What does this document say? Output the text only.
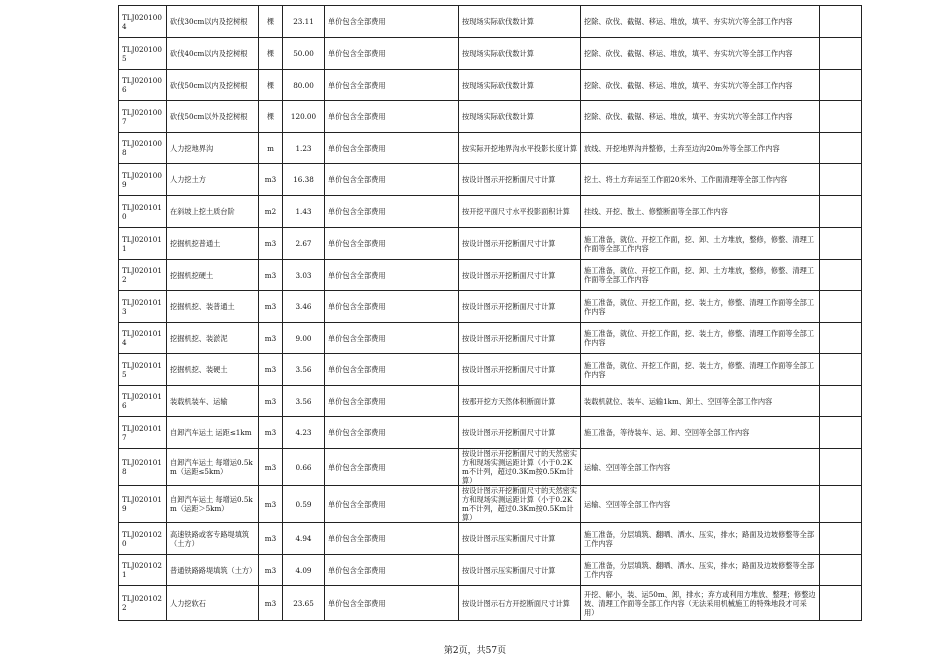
TLJ0201004	砍伐30cm以内及挖树根	棵	23.11	单价包含全部费用	按现场实际砍伐数计算	挖除、砍伐、截锯、移运、堆放，填平、夯实坑穴等全部工作内容	
TLJ0201005	砍伐40cm以内及挖树根	棵	50.00	单价包含全部费用	按现场实际砍伐数计算	挖除、砍伐、截锯、移运、堆放，填平、夯实坑穴等全部工作内容	
TLJ0201006	砍伐50cm以内及挖树根	棵	80.00	单价包含全部费用	按现场实际砍伐数计算	挖除、砍伐、截锯、移运、堆放，填平、夯实坑穴等全部工作内容	
TLJ0201007	砍伐50cm以外及挖树根	棵	120.00	单价包含全部费用	按现场实际砍伐数计算	挖除、砍伐、截锯、移运、堆放，填平、夯实坑穴等全部工作内容	
TLJ0201008	人力挖地界沟	m	1.23	单价包含全部费用	按实际开挖地界沟水平投影长度计算	放线、开挖地界沟并整修，土弃至边沟20m外等全部工作内容	
TLJ0201009	人力挖土方	m3	16.38	单价包含全部费用	按设计图示开挖断面尺寸计算	挖土、将土方弃运至工作面20米外、工作面清理等全部工作内容	
TLJ0201010	在斜坡上挖土质台阶	m2	1.43	单价包含全部费用	按开挖平面尺寸水平投影面积计算	挂线、开挖、散土、修整断面等全部工作内容	
TLJ0201011	挖掘机挖普通土	m3	2.67	单价包含全部费用	按设计图示开挖断面尺寸计算	施工准备，就位、开挖工作面，挖、卸、土方堆放，整修，修整、清理工作面等全部工作内容	
TLJ0201012	挖掘机挖硬土	m3	3.03	单价包含全部费用	按设计图示开挖断面尺寸计算	施工准备，就位、开挖工作面，挖、卸、土方堆放，整修，修整、清理工作面等全部工作内容	
TLJ0201013	挖掘机挖、装普通土	m3	3.46	单价包含全部费用	按设计图示开挖断面尺寸计算	施工准备，就位、开挖工作面，挖、装土方，修整、清理工作面等全部工作内容	
TLJ0201014	挖掘机挖、装淤泥	m3	9.00	单价包含全部费用	按设计图示开挖断面尺寸计算	施工准备，就位、开挖工作面，挖、装土方，修整、清理工作面等全部工作内容	
TLJ0201015	挖掘机挖、装硬土	m3	3.56	单价包含全部费用	按设计图示开挖断面尺寸计算	施工准备，就位、开挖工作面，挖、装土方，修整、清理工作面等全部工作内容	
TLJ0201016	装载机装车、运输	m3	3.56	单价包含全部费用	按那开挖方天然体积断面计算	装载机就位、装车、运输1km、卸土、空回等全部工作内容	
TLJ0201017	自卸汽车运土 运距≤1km	m3	4.23	单价包含全部费用	按设计图示开挖断面尺寸计算	施工准备，等待装车、运、卸、空回等全部工作内容	
TLJ0201018	自卸汽车运土 每增运0.5km（运距≤5km）	m3	0.66	单价包含全部费用	按设计图示开挖断面尺寸的天然密实方和现场实测运距计算（小于0.2Km不计列，超过0.3Km按0.5Km计算）	运输、空回等全部工作内容	
TLJ0201019	自卸汽车运土 每增运0.5km（运距＞5km）	m3	0.59	单价包含全部费用	按设计图示开挖断面尺寸的天然密实方和现场实测运距计算（小于0.2Km不计列，超过0.3Km按0.5Km计算）	运输、空回等全部工作内容	
TLJ0201020	高速铁路或客专路堤填筑（土方）	m3	4.94	单价包含全部费用	按设计图示压实断面尺寸计算	施工准备，分层填筑、翻晒、洒水、压实，排水；路面及边坡修整等全部工作内容	
TLJ0201021	普通铁路路堤填筑（土方）	m3	4.09	单价包含全部费用	按设计图示压实断面尺寸计算	施工准备，分层填筑、翻晒、洒水、压实，排水；路面及边坡修整等全部工作内容	
TLJ0201022	人力挖软石	m3	23.65	单价包含全部费用	按设计图示石方开挖断面尺寸计算	开挖、解小，装、运50m、卸，排水；弃方或利用方堆放、整理；修整边坡、清理工作面等全部工作内容（无法采用机械施工的特殊地段才可采用）	
第2页，共57页
